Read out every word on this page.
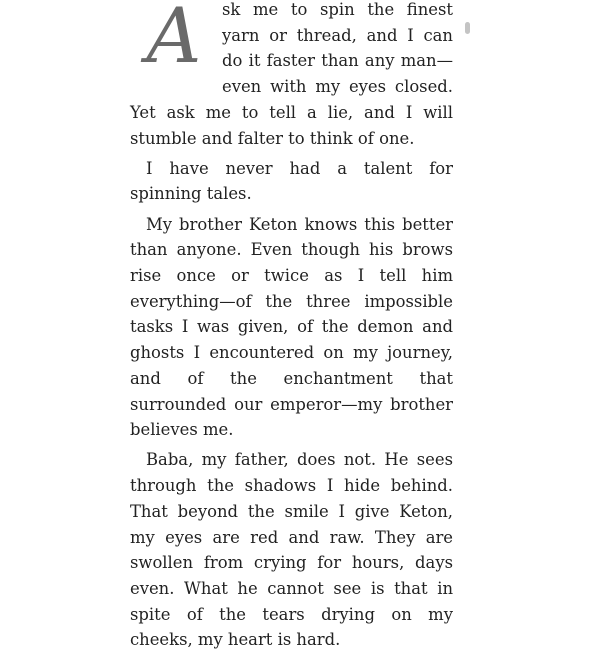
A	sk me to spin the finest yarn or thread, and I can do it faster than any man—even with my eyes closed. Yet ask me to tell a lie, and I will stumble and falter to think of one.

I have never had a talent for spinning tales.

My brother Keton knows this better than anyone. Even though his brows rise once or twice as I tell him everything—of the three impossible tasks I was given, of the demon and ghosts I encountered on my journey, and of the enchantment that surrounded our emperor—my brother believes me.

Baba, my father, does not. He sees through the shadows I hide behind. That beyond the smile I give Keton, my eyes are red and raw. They are swollen from crying for hours, days even. What he cannot see is that in spite of the tears drying on my cheeks, my heart is hard.
